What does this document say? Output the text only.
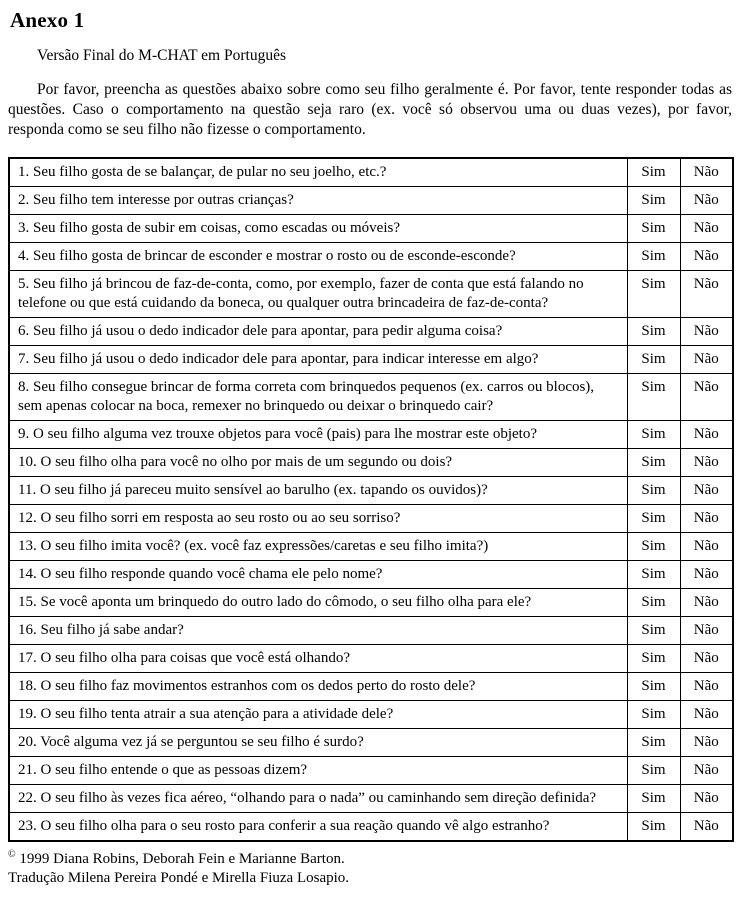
Anexo 1
Versão Final do M-CHAT em Português

Por favor, preencha as questões abaixo sobre como seu filho geralmente é. Por favor, tente responder todas as questões. Caso o comportamento na questão seja raro (ex. você só observou uma ou duas vezes), por favor, responda como se seu filho não fizesse o comportamento.

1. Seu filho gosta de se balançar, de pular no seu joelho, etc.?	Sim	Não
2. Seu filho tem interesse por outras crianças?	Sim	Não
3. Seu filho gosta de subir em coisas, como escadas ou móveis?	Sim	Não
4. Seu filho gosta de brincar de esconder e mostrar o rosto ou de esconde-esconde?	Sim	Não
5. Seu filho já brincou de faz-de-conta, como, por exemplo, fazer de conta que está falando no telefone ou que está cuidando da boneca, ou qualquer outra brincadeira de faz-de-conta?	Sim	Não
6. Seu filho já usou o dedo indicador dele para apontar, para pedir alguma coisa?	Sim	Não
7. Seu filho já usou o dedo indicador dele para apontar, para indicar interesse em algo?	Sim	Não
8. Seu filho consegue brincar de forma correta com brinquedos pequenos (ex. carros ou blocos), sem apenas colocar na boca, remexer no brinquedo ou deixar o brinquedo cair?	Sim	Não
9. O seu filho alguma vez trouxe objetos para você (pais) para lhe mostrar este objeto?	Sim	Não
10. O seu filho olha para você no olho por mais de um segundo ou dois?	Sim	Não
11. O seu filho já pareceu muito sensível ao barulho (ex. tapando os ouvidos)?	Sim	Não
12. O seu filho sorri em resposta ao seu rosto ou ao seu sorriso?	Sim	Não
13. O seu filho imita você? (ex. você faz expressões/caretas e seu filho imita?)	Sim	Não
14. O seu filho responde quando você chama ele pelo nome?	Sim	Não
15. Se você aponta um brinquedo do outro lado do cômodo, o seu filho olha para ele?	Sim	Não
16. Seu filho já sabe andar?	Sim	Não
17. O seu filho olha para coisas que você está olhando?	Sim	Não
18. O seu filho faz movimentos estranhos com os dedos perto do rosto dele?	Sim	Não
19. O seu filho tenta atrair a sua atenção para a atividade dele?	Sim	Não
20. Você alguma vez já se perguntou se seu filho é surdo?	Sim	Não
21. O seu filho entende o que as pessoas dizem?	Sim	Não
22. O seu filho às vezes fica aéreo, “olhando para o nada” ou caminhando sem direção definida?	Sim	Não
23. O seu filho olha para o seu rosto para conferir a sua reação quando vê algo estranho?	Sim	Não
© 1999 Diana Robins, Deborah Fein e Marianne Barton.
Tradução Milena Pereira Pondé e Mirella Fiuza Losapio.
